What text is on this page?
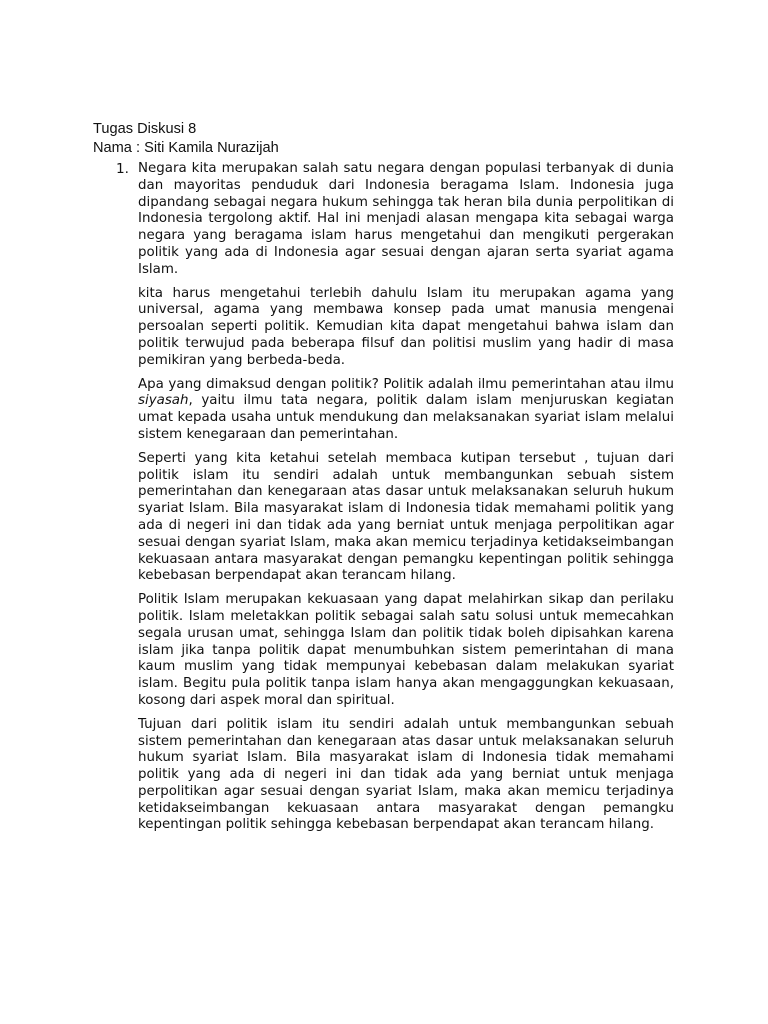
Tugas Diskusi 8
Nama : Siti Kamila Nurazijah
1. Negara kita merupakan salah satu negara dengan populasi terbanyak di dunia dan mayoritas penduduk dari Indonesia beragama Islam. Indonesia juga dipandang sebagai negara hukum sehingga tak heran bila dunia perpolitikan di Indonesia tergolong aktif. Hal ini menjadi alasan mengapa kita sebagai warga negara yang beragama islam harus mengetahui dan mengikuti pergerakan politik yang ada di Indonesia agar sesuai dengan ajaran serta syariat agama Islam.

kita harus mengetahui terlebih dahulu Islam itu merupakan agama yang universal, agama yang membawa konsep pada umat manusia mengenai persoalan seperti politik. Kemudian kita dapat mengetahui bahwa islam dan politik terwujud pada beberapa filsuf dan politisi muslim yang hadir di masa pemikiran yang berbeda-beda.

Apa yang dimaksud dengan politik? Politik adalah ilmu pemerintahan atau ilmu siyasah, yaitu ilmu tata negara, politik dalam islam menjuruskan kegiatan umat kepada usaha untuk mendukung dan melaksanakan syariat islam melalui sistem kenegaraan dan pemerintahan.

Seperti yang kita ketahui setelah membaca kutipan tersebut , tujuan dari politik islam itu sendiri adalah untuk membangunkan sebuah sistem pemerintahan dan kenegaraan atas dasar untuk melaksanakan seluruh hukum syariat Islam. Bila masyarakat islam di Indonesia tidak memahami politik yang ada di negeri ini dan tidak ada yang berniat untuk menjaga perpolitikan agar sesuai dengan syariat Islam, maka akan memicu terjadinya ketidakseimbangan kekuasaan antara masyarakat dengan pemangku kepentingan politik sehingga kebebasan berpendapat akan terancam hilang.

Politik Islam merupakan kekuasaan yang dapat melahirkan sikap dan perilaku politik. Islam meletakkan politik sebagai salah satu solusi untuk memecahkan segala urusan umat, sehingga Islam dan politik tidak boleh dipisahkan karena islam jika tanpa politik dapat menumbuhkan sistem pemerintahan di mana kaum muslim yang tidak mempunyai kebebasan dalam melakukan syariat islam. Begitu pula politik tanpa islam hanya akan mengaggungkan kekuasaan, kosong dari aspek moral dan spiritual.

Tujuan dari politik islam itu sendiri adalah untuk membangunkan sebuah sistem pemerintahan dan kenegaraan atas dasar untuk melaksanakan seluruh hukum syariat Islam. Bila masyarakat islam di Indonesia tidak memahami politik yang ada di negeri ini dan tidak ada yang berniat untuk menjaga perpolitikan agar sesuai dengan syariat Islam, maka akan memicu terjadinya ketidakseimbangan kekuasaan antara masyarakat dengan pemangku kepentingan politik sehingga kebebasan berpendapat akan terancam hilang.
